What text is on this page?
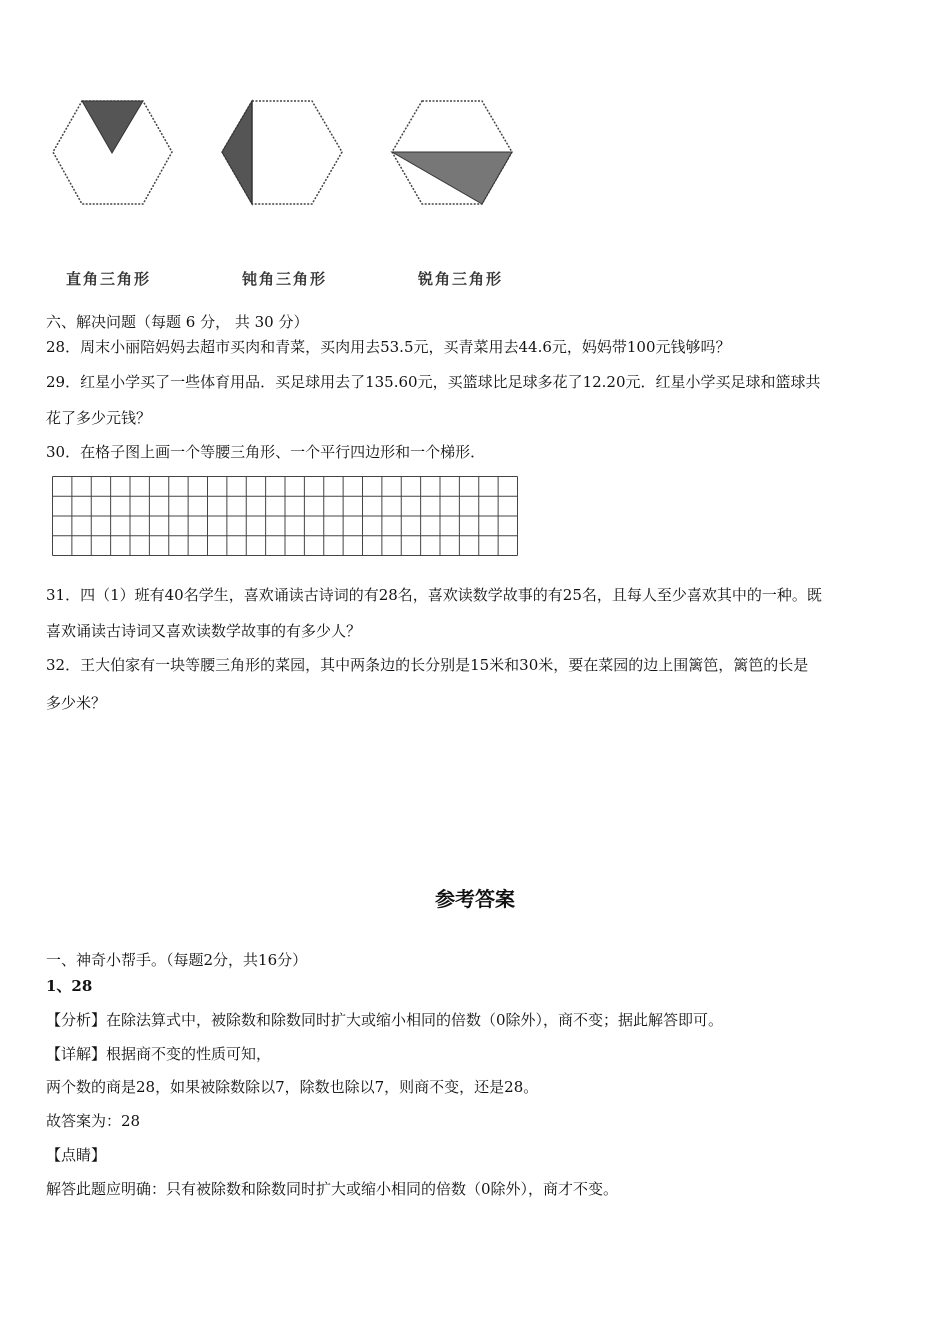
直角三角形	钝角三角形	锐角三角形
六、解决问题（每题 6 分， 共 30 分）
28．周末小丽陪妈妈去超市买肉和青菜，买肉用去53.5元，买青菜用去44.6元，妈妈带100元钱够吗？
29．红星小学买了一些体育用品．买足球用去了135.60元，买篮球比足球多花了12.20元．红星小学买足球和篮球共
花了多少元钱？
30．在格子图上画一个等腰三角形、一个平行四边形和一个梯形．
31．四（1）班有40名学生，喜欢诵读古诗词的有28名，喜欢读数学故事的有25名，且每人至少喜欢其中的一种。既
喜欢诵读古诗词又喜欢读数学故事的有多少人？
32．王大伯家有一块等腰三角形的菜园，其中两条边的长分别是15米和30米，要在菜园的边上围篱笆，篱笆的长是
多少米？
参考答案
一、神奇小帮手。（每题2分，共16分）
1、28
【分析】在除法算式中，被除数和除数同时扩大或缩小相同的倍数（0除外），商不变；据此解答即可。
【详解】根据商不变的性质可知，
两个数的商是28，如果被除数除以7，除数也除以7，则商不变，还是28。
故答案为：28
【点睛】
解答此题应明确：只有被除数和除数同时扩大或缩小相同的倍数（0除外），商才不变。
